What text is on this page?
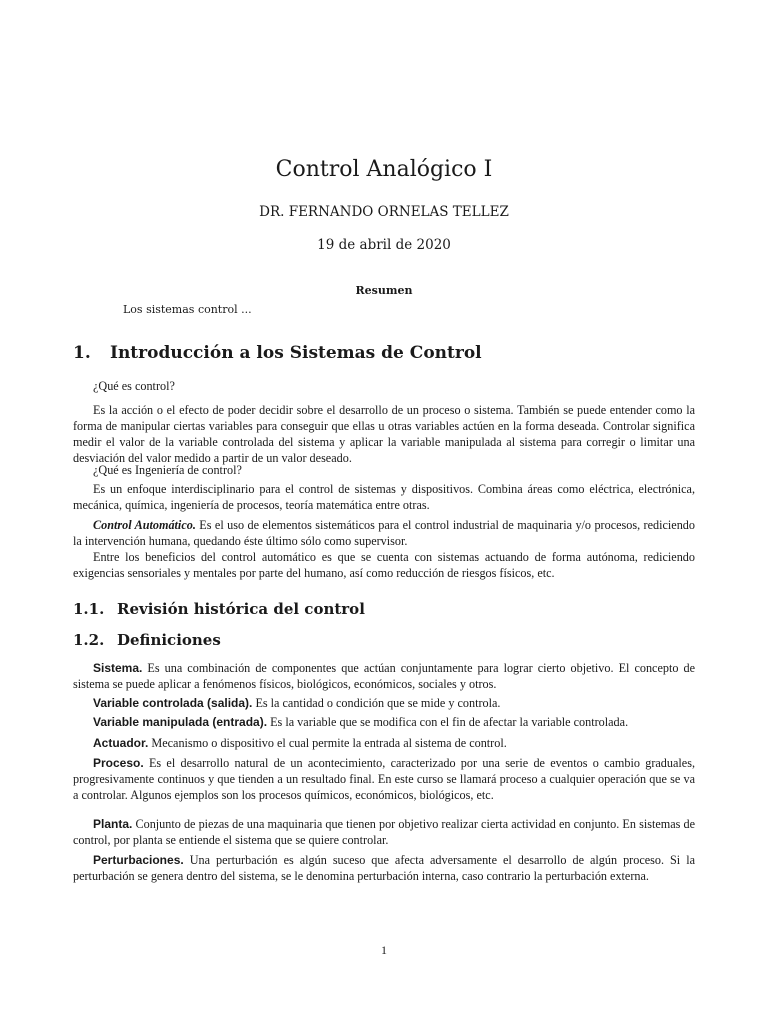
Control Analógico I
DR. FERNANDO ORNELAS TELLEZ
19 de abril de 2020
Resumen
Los sistemas control ...
1. Introducción a los Sistemas de Control
¿Qué es control?
Es la acción o el efecto de poder decidir sobre el desarrollo de un proceso o sistema. También se puede entender como la forma de manipular ciertas variables para conseguir que ellas u otras variables actúen en la forma deseada. Controlar significa medir el valor de la variable controlada del sistema y aplicar la variable manipulada al sistema para corregir o limitar una desviación del valor medido a partir de un valor deseado.
¿Qué es Ingeniería de control?
Es un enfoque interdisciplinario para el control de sistemas y dispositivos. Combina áreas como eléctrica, electrónica, mecánica, química, ingeniería de procesos, teoría matemática entre otras.
Control Automático. Es el uso de elementos sistemáticos para el control industrial de maquinaria y/o procesos, rediciendo la intervención humana, quedando éste último sólo como supervisor.
Entre los beneficios del control automático es que se cuenta con sistemas actuando de forma autónoma, rediciendo exigencias sensoriales y mentales por parte del humano, así como reducción de riesgos físicos, etc.
1.1. Revisión histórica del control
1.2. Definiciones
Sistema. Es una combinación de componentes que actúan conjuntamente para lograr cierto objetivo. El concepto de sistema se puede aplicar a fenómenos físicos, biológicos, económicos, sociales y otros.
Variable controlada (salida). Es la cantidad o condición que se mide y controla.
Variable manipulada (entrada). Es la variable que se modifica con el fin de afectar la variable controlada.
Actuador. Mecanismo o dispositivo el cual permite la entrada al sistema de control.
Proceso. Es el desarrollo natural de un acontecimiento, caracterizado por una serie de eventos o cambio graduales, progresivamente continuos y que tienden a un resultado final. En este curso se llamará proceso a cualquier operación que se va a controlar. Algunos ejemplos son los procesos químicos, económicos, biológicos, etc.
Planta. Conjunto de piezas de una maquinaria que tienen por objetivo realizar cierta actividad en conjunto. En sistemas de control, por planta se entiende el sistema que se quiere controlar.
Perturbaciones. Una perturbación es algún suceso que afecta adversamente el desarrollo de algún proceso. Si la perturbación se genera dentro del sistema, se le denomina perturbación interna, caso contrario la perturbación externa.
1
